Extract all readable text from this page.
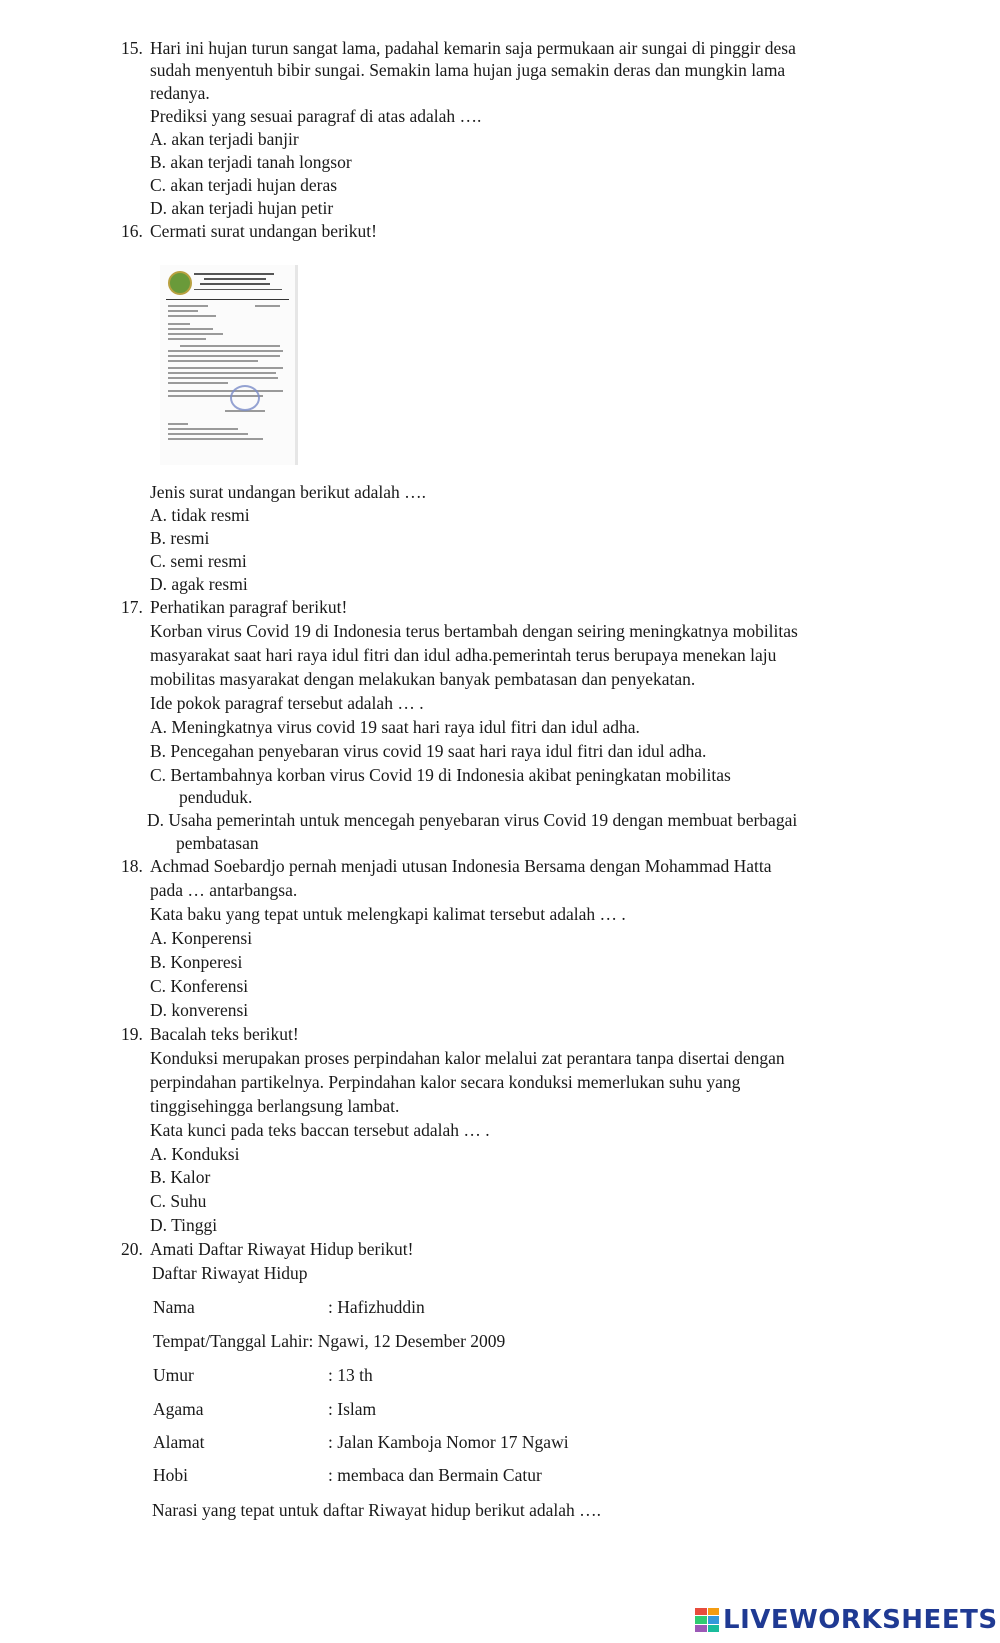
15. Hari ini hujan turun sangat lama, padahal kemarin saja permukaan air sungai di pinggir desa
sudah menyentuh bibir sungai. Semakin lama hujan juga semakin deras dan mungkin lama
redanya.
Prediksi yang sesuai paragraf di atas adalah ….
A. akan terjadi banjir
B. akan terjadi tanah longsor
C. akan terjadi hujan deras
D. akan terjadi hujan petir
16. Cermati surat undangan berikut!
Jenis surat undangan berikut adalah ….
A. tidak resmi
B. resmi
C. semi resmi
D. agak resmi
17. Perhatikan paragraf berikut!
Korban virus Covid 19 di Indonesia terus bertambah dengan seiring meningkatnya mobilitas
masyarakat saat hari raya idul fitri dan idul adha.pemerintah terus berupaya menekan laju
mobilitas masyarakat dengan melakukan banyak pembatasan dan penyekatan.
Ide pokok paragraf tersebut adalah … .
A. Meningkatnya virus covid 19 saat hari raya idul fitri dan idul adha.
B. Pencegahan penyebaran virus covid 19 saat hari raya idul fitri dan idul adha.
C. Bertambahnya korban virus Covid 19 di Indonesia akibat peningkatan mobilitas
penduduk.
D. Usaha pemerintah untuk mencegah penyebaran virus Covid 19 dengan membuat berbagai
pembatasan
18. Achmad Soebardjo pernah menjadi utusan Indonesia Bersama dengan Mohammad Hatta
pada … antarbangsa.
Kata baku yang tepat untuk melengkapi kalimat tersebut adalah … .
A. Konperensi
B. Konperesi
C. Konferensi
D. konverensi
19. Bacalah teks berikut!
Konduksi merupakan proses perpindahan kalor melalui zat perantara tanpa disertai dengan
perpindahan partikelnya. Perpindahan kalor secara konduksi memerlukan suhu yang
tinggisehingga berlangsung lambat.
Kata kunci pada teks baccan tersebut adalah … .
A. Konduksi
B. Kalor
C. Suhu
D. Tinggi
20. Amati Daftar Riwayat Hidup berikut!
Daftar Riwayat Hidup
Nama	: Hafizhuddin
Tempat/Tanggal Lahir: Ngawi, 12 Desember 2009
Umur	: 13 th
Agama	: Islam
Alamat	: Jalan Kamboja Nomor 17 Ngawi
Hobi	: membaca dan Bermain Catur
Narasi yang tepat untuk daftar Riwayat hidup berikut adalah ….
LIVEWORKSHEETS
